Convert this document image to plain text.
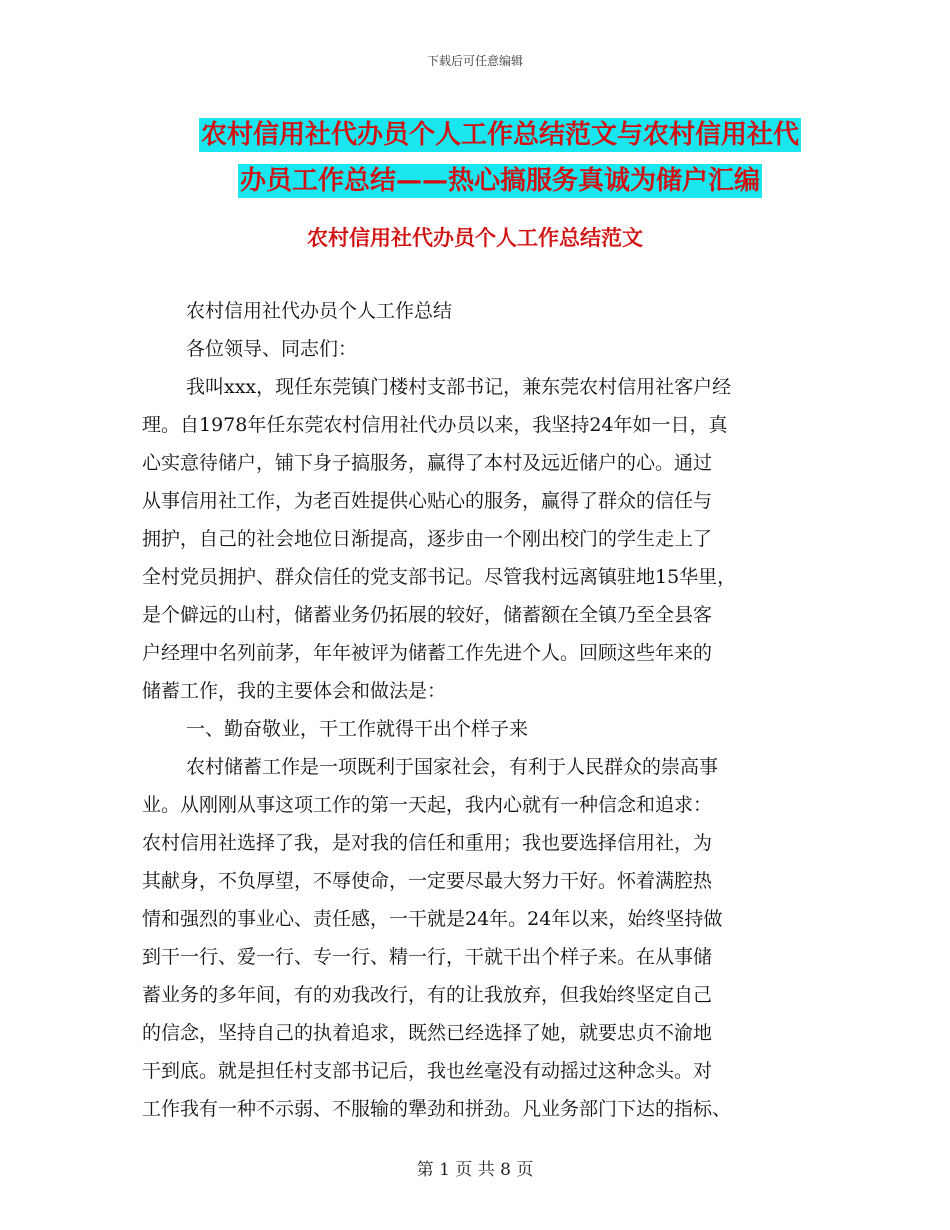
下载后可任意编辑
农村信用社代办员个人工作总结范文与农村信用社代
办员工作总结——热心搞服务真诚为储户汇编
农村信用社代办员个人工作总结范文
农村信用社代办员个人工作总结
各位领导、同志们：
我叫xxx，现任东莞镇门楼村支部书记，兼东莞农村信用社客户经
理。自1978年任东莞农村信用社代办员以来，我坚持24年如一日，真
心实意待储户，铺下身子搞服务，赢得了本村及远近储户的心。通过
从事信用社工作，为老百姓提供心贴心的服务，赢得了群众的信任与
拥护，自己的社会地位日渐提高，逐步由一个刚出校门的学生走上了
全村党员拥护、群众信任的党支部书记。尽管我村远离镇驻地15华里，
是个僻远的山村，储蓄业务仍拓展的较好，储蓄额在全镇乃至全县客
户经理中名列前茅，年年被评为储蓄工作先进个人。回顾这些年来的
储蓄工作，我的主要体会和做法是：
一、勤奋敬业，干工作就得干出个样子来
农村储蓄工作是一项既利于国家社会，有利于人民群众的崇高事
业。从刚刚从事这项工作的第一天起，我内心就有一种信念和追求：
农村信用社选择了我，是对我的信任和重用；我也要选择信用社，为
其献身，不负厚望，不辱使命，一定要尽最大努力干好。怀着满腔热
情和强烈的事业心、责任感，一干就是24年。24年以来，始终坚持做
到干一行、爱一行、专一行、精一行，干就干出个样子来。在从事储
蓄业务的多年间，有的劝我改行，有的让我放弃，但我始终坚定自己
的信念，坚持自己的执着追求，既然已经选择了她，就要忠贞不渝地
干到底。就是担任村支部书记后，我也丝毫没有动摇过这种念头。对
工作我有一种不示弱、不服输的犟劲和拼劲。凡业务部门下达的指标、
第 1 页 共 8 页
